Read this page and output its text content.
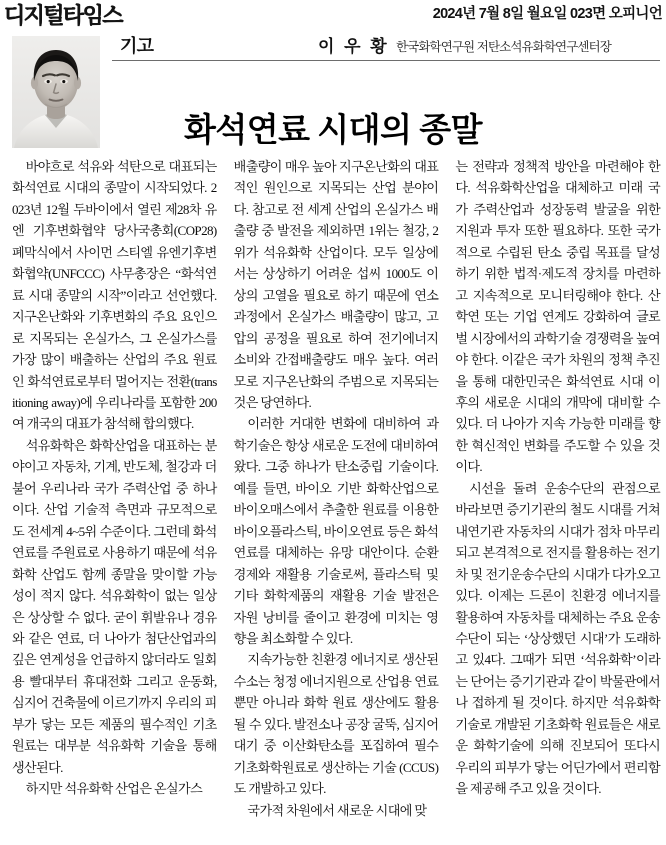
디지털타임스	2024년 7월 8일 월요일 023면 오피니언
기고	이 우 황 한국화학연구원 저탄소석유화학연구센터장
화석연료 시대의 종말

바야흐로 석유와 석탄으로 대표되는 화석연료 시대의 종말이 시작되었다. 2023년 12월 두바이에서 열린 제28차 유엔 기후변화협약 당사국총회(COP28) 폐막식에서 사이먼 스티엘 유엔기후변화협약(UNFCCC) 사무총장은 “화석연료 시대 종말의 시작”이라고 선언했다. 지구온난화와 기후변화의 주요 요인으로 지목되는 온실가스, 그 온실가스를 가장 많이 배출하는 산업의 주요 원료인 화석연료로부터 멀어지는 전환(transitioning away)에 우리나라를 포함한 200여 개국의 대표가 참석해 합의했다.

석유화학은 화학산업을 대표하는 분야이고 자동차, 기계, 반도체, 철강과 더불어 우리나라 국가 주력산업 중 하나이다. 산업 기술적 측면과 규모적으로도 전세계 4~5위 수준이다. 그런데 화석연료를 주원료로 사용하기 때문에 석유화학 산업도 함께 종말을 맞이할 가능성이 적지 않다. 석유화학이 없는 일상은 상상할 수 없다. 굳이 휘발유나 경유와 같은 연료, 더 나아가 첨단산업과의 깊은 연계성을 언급하지 않더라도 일회용 빨대부터 휴대전화 그리고 운동화, 심지어 건축물에 이르기까지 우리의 피부가 닿는 모든 제품의 필수적인 기초원료는 대부분 석유화학 기술을 통해 생산된다.

하지만 석유화학 산업은 온실가스

배출량이 매우 높아 지구온난화의 대표적인 원인으로 지목되는 산업 분야이다. 참고로 전 세계 산업의 온실가스 배출량 중 발전을 제외하면 1위는 철강, 2위가 석유화학 산업이다. 모두 일상에서는 상상하기 어려운 섭씨 1000도 이상의 고열을 필요로 하기 때문에 연소 과정에서 온실가스 배출량이 많고, 고압의 공정을 필요로 하여 전기에너지 소비와 간접배출량도 매우 높다. 여러모로 지구온난화의 주범으로 지목되는 것은 당연하다.

이러한 거대한 변화에 대비하여 과학기술은 항상 새로운 도전에 대비하여 왔다. 그중 하나가 탄소중립 기술이다. 예를 들면, 바이오 기반 화학산업으로 바이오매스에서 추출한 원료를 이용한 바이오플라스틱, 바이오연료 등은 화석연료를 대체하는 유망 대안이다. 순환 경제와 재활용 기술로써, 플라스틱 및 기타 화학제품의 재활용 기술 발전은 자원 낭비를 줄이고 환경에 미치는 영향을 최소화할 수 있다.

지속가능한 친환경 에너지로 생산된 수소는 청정 에너지원으로 산업용 연료뿐만 아니라 화학 원료 생산에도 활용될 수 있다. 발전소나 공장 굴뚝, 심지어 대기 중 이산화탄소를 포집하여 필수 기초화학원료로 생산하는 기술 (CCUS)도 개발하고 있다.

국가적 차원에서 새로운 시대에 맞

는 전략과 정책적 방안을 마련해야 한다. 석유화학산업을 대체하고 미래 국가 주력산업과 성장동력 발굴을 위한 지원과 투자 또한 필요하다. 또한 국가적으로 수립된 탄소 중립 목표를 달성하기 위한 법적·제도적 장치를 마련하고 지속적으로 모니터링해야 한다. 산학연 또는 기업 연계도 강화하여 글로벌 시장에서의 과학기술 경쟁력을 높여야 한다. 이같은 국가 차원의 정책 추진을 통해 대한민국은 화석연료 시대 이후의 새로운 시대의 개막에 대비할 수 있다. 더 나아가 지속 가능한 미래를 향한 혁신적인 변화를 주도할 수 있을 것이다.

시선을 돌려 운송수단의 관점으로 바라보면 증기기관의 철도 시대를 거쳐 내연기관 자동차의 시대가 점차 마무리되고 본격적으로 전지를 활용하는 전기차 및 전기운송수단의 시대가 다가오고 있다. 이제는 드론이 친환경 에너지를 활용하여 자동차를 대체하는 주요 운송수단이 되는 ‘상상했던 시대’가 도래하고 있4다. 그때가 되면 ‘석유화학’이라는 단어는 증기기관과 같이 박물관에서나 접하게 될 것이다. 하지만 석유화학 기술로 개발된 기초화학 원료들은 새로운 화학기술에 의해 진보되어 또다시 우리의 피부가 닿는 어딘가에서 편리함을 제공해 주고 있을 것이다.
